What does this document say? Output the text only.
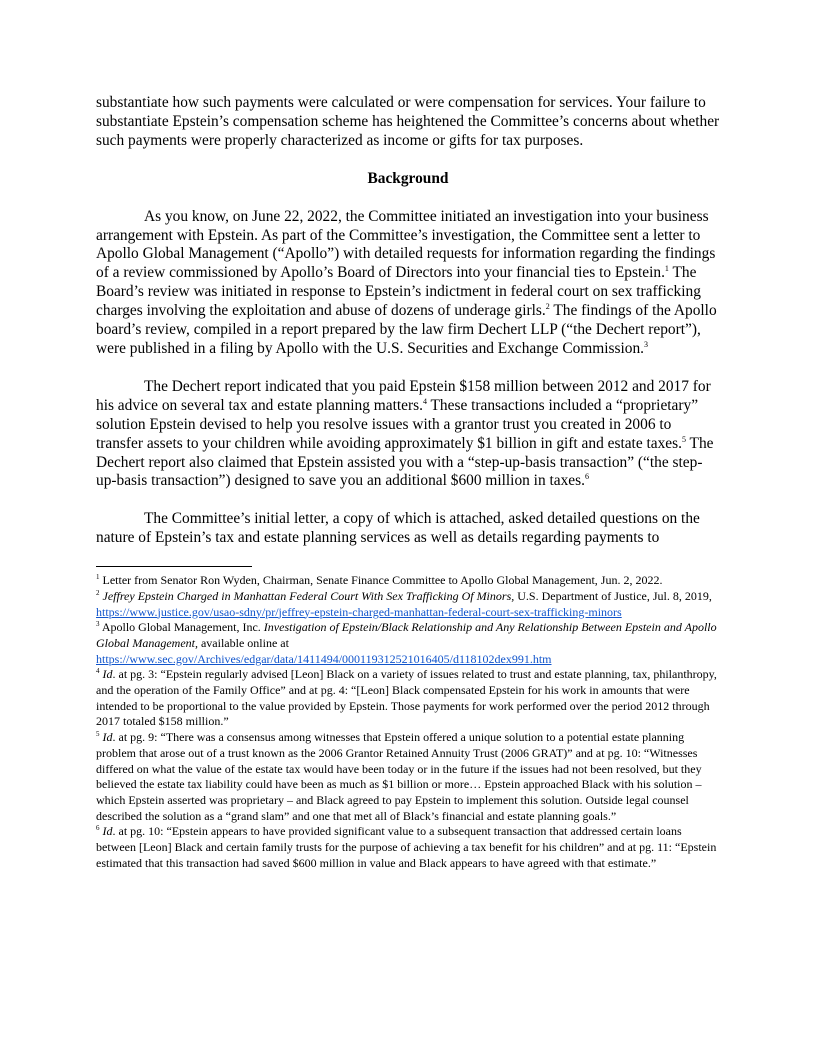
substantiate how such payments were calculated or were compensation for services. Your failure to substantiate Epstein’s compensation scheme has heightened the Committee’s concerns about whether such payments were properly characterized as income or gifts for tax purposes.

Background

As you know, on June 22, 2022, the Committee initiated an investigation into your business arrangement with Epstein. As part of the Committee’s investigation, the Committee sent a letter to Apollo Global Management (“Apollo”) with detailed requests for information regarding the findings of a review commissioned by Apollo’s Board of Directors into your financial ties to Epstein.$^1$ The Board’s review was initiated in response to Epstein’s indictment in federal court on sex trafficking charges involving the exploitation and abuse of dozens of underage girls.$^2$ The findings of the Apollo board’s review, compiled in a report prepared by the law firm Dechert LLP (“the Dechert report”), were published in a filing by Apollo with the U.S. Securities and Exchange Commission.$^3$

The Dechert report indicated that you paid Epstein $158 million between 2012 and 2017 for his advice on several tax and estate planning matters.$^4$ These transactions included a “proprietary” solution Epstein devised to help you resolve issues with a grantor trust you created in 2006 to transfer assets to your children while avoiding approximately $1 billion in gift and estate taxes.$^5$ The Dechert report also claimed that Epstein assisted you with a “step-up-basis transaction” (“the step-up-basis transaction”) designed to save you an additional $600 million in taxes.$^6$

The Committee’s initial letter, a copy of which is attached, asked detailed questions on the nature of Epstein’s tax and estate planning services as well as details regarding payments to

$^1$ Letter from Senator Ron Wyden, Chairman, Senate Finance Committee to Apollo Global Management, Jun. 2, 2022.

$^2$ Jeffrey Epstein Charged in Manhattan Federal Court With Sex Trafficking Of Minors, U.S. Department of Justice, Jul. 8, 2019, https://www.justice.gov/usao-sdny/pr/jeffrey-epstein-charged-manhattan-federal-court-sex-trafficking-minors

$^3$ Apollo Global Management, Inc. Investigation of Epstein/Black Relationship and Any Relationship Between Epstein and Apollo Global Management, available online at
https://www.sec.gov/Archives/edgar/data/1411494/000119312521016405/d118102dex991.htm

$^4$ Id. at pg. 3: “Epstein regularly advised [Leon] Black on a variety of issues related to trust and estate planning, tax, philanthropy, and the operation of the Family Office” and at pg. 4: “[Leon] Black compensated Epstein for his work in amounts that were intended to be proportional to the value provided by Epstein. Those payments for work performed over the period 2012 through 2017 totaled $158 million.”

$^5$ Id. at pg. 9: “There was a consensus among witnesses that Epstein offered a unique solution to a potential estate planning problem that arose out of a trust known as the 2006 Grantor Retained Annuity Trust (2006 GRAT)” and at pg. 10: “Witnesses differed on what the value of the estate tax would have been today or in the future if the issues had not been resolved, but they believed the estate tax liability could have been as much as $1 billion or more… Epstein approached Black with his solution – which Epstein asserted was proprietary – and Black agreed to pay Epstein to implement this solution. Outside legal counsel described the solution as a “grand slam” and one that met all of Black’s financial and estate planning goals.”

$^6$ Id. at pg. 10: “Epstein appears to have provided significant value to a subsequent transaction that addressed certain loans between [Leon] Black and certain family trusts for the purpose of achieving a tax benefit for his children” and at pg. 11: “Epstein estimated that this transaction had saved $600 million in value and Black appears to have agreed with that estimate.”
